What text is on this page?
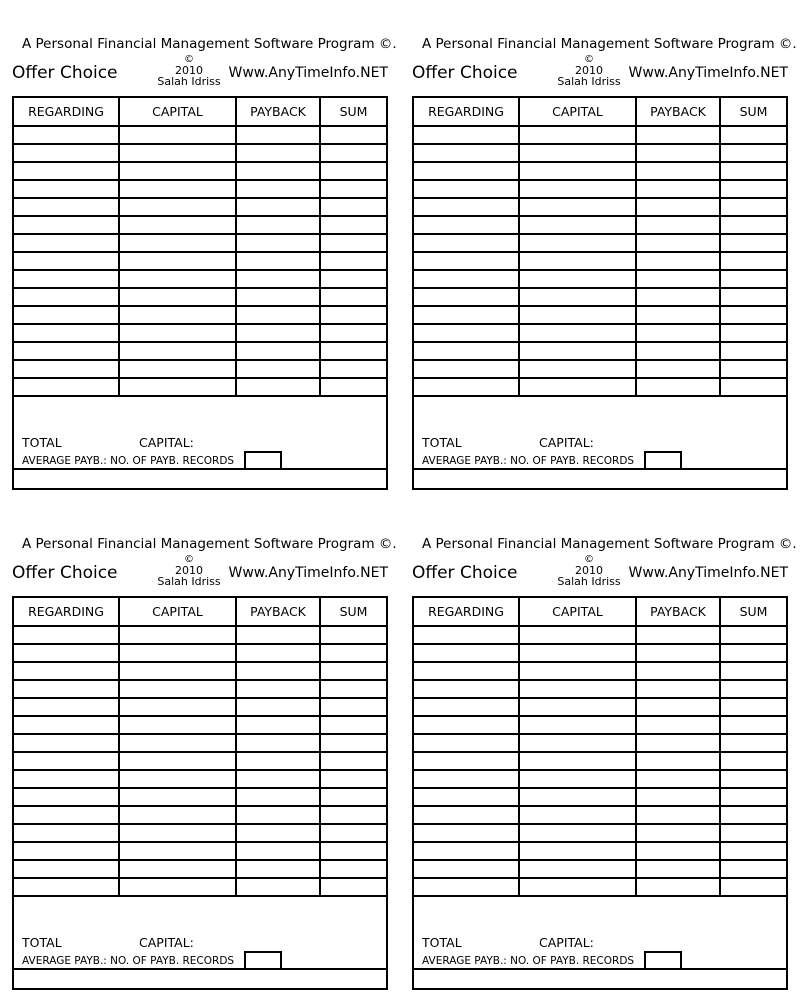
A Personal Financial Management Software Program ©.
Offer Choice
©
2010
Salah Idriss
Www.AnyTimeInfo.NET
REGARDING	CAPITAL	PAYBACK	SUM

TOTAL	CAPITAL:
AVERAGE PAYB.: NO. OF PAYB. RECORDS
A Personal Financial Management Software Program ©.
Offer Choice
©
2010
Salah Idriss
Www.AnyTimeInfo.NET
REGARDING	CAPITAL	PAYBACK	SUM

TOTAL	CAPITAL:
AVERAGE PAYB.: NO. OF PAYB. RECORDS
A Personal Financial Management Software Program ©.
Offer Choice
©
2010
Salah Idriss
Www.AnyTimeInfo.NET
REGARDING	CAPITAL	PAYBACK	SUM

TOTAL	CAPITAL:
AVERAGE PAYB.: NO. OF PAYB. RECORDS
A Personal Financial Management Software Program ©.
Offer Choice
©
2010
Salah Idriss
Www.AnyTimeInfo.NET
REGARDING	CAPITAL	PAYBACK	SUM

TOTAL	CAPITAL:
AVERAGE PAYB.: NO. OF PAYB. RECORDS
